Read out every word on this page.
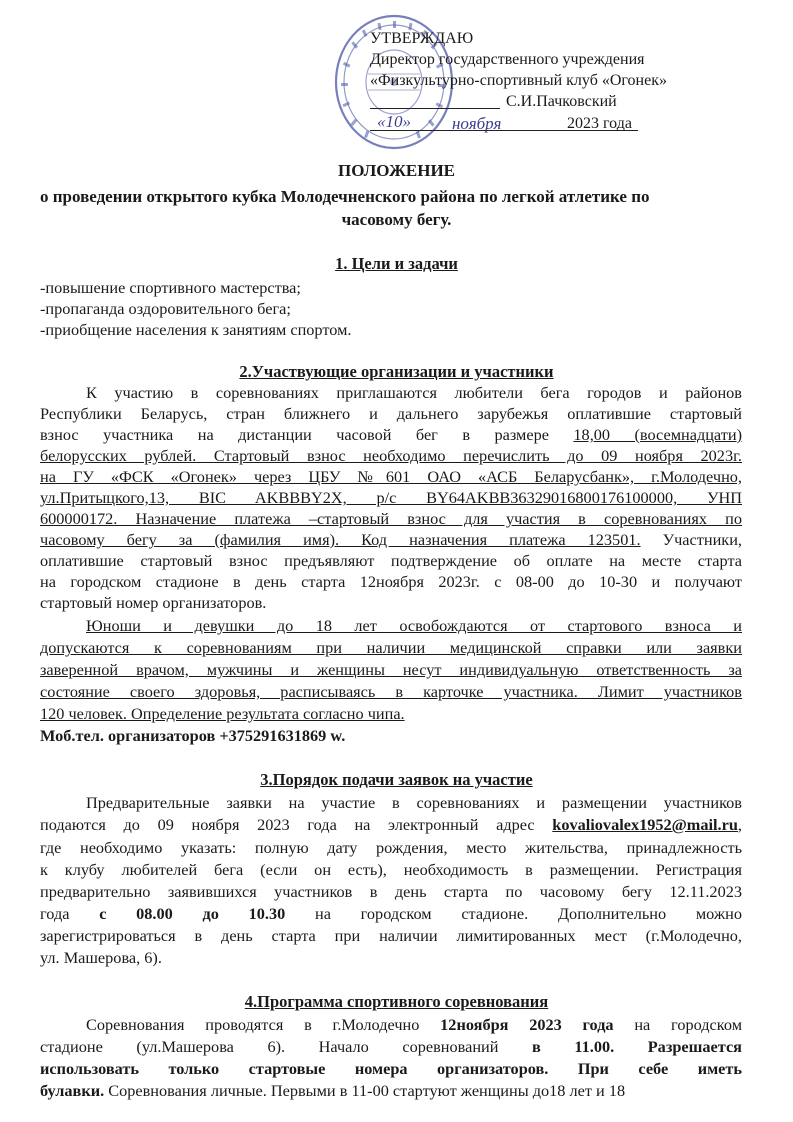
УТВЕРЖДАЮ
Директор государственного учреждения
«Физкультурно-спортивный клуб «Огонек»
С.И.Пачковский
«10» ноября	2023 года
ПОЛОЖЕНИЕ
о проведении открытого кубка Молодечненского района по легкой атлетике по
часовому бегу.
1. Цели и задачи
-повышение спортивного мастерства;
-пропаганда оздоровительного бега;
-приобщение населения к занятиям спортом.
2.Участвующие организации и участники
К участию в соревнованиях приглашаются любители бега городов и районов
Республики Беларусь, стран ближнего и дальнего зарубежья оплатившие стартовый
взнос участника на дистанции часовой бег в размере 18,00 (восемнадцати)
белорусских рублей. Стартовый взнос необходимо перечислить до 09 ноября 2023г.
на ГУ «ФСК «Огонек» через ЦБУ №601 ОАО «АСБ Беларусбанк», г.Молодечно,
ул.Притыцкого,13, BIC AKBBBY2X, р/с BY64AKBB36329016800176100000, УНП
600000172. Назначение платежа –стартовый взнос для участия в соревнованиях по
часовому бегу за (фамилия имя). Код назначения платежа 123501. Участники,
оплатившие стартовый взнос предъявляют подтверждение об оплате на месте старта
на городском стадионе в день старта 12ноября 2023г. с 08-00 до 10-30 и получают
стартовый номер организаторов.
Юноши и девушки до 18 лет освобождаются от стартового взноса и
допускаются к соревнованиям при наличии медицинской справки или заявки
заверенной врачом, мужчины и женщины несут индивидуальную ответственность за
состояние своего здоровья, расписываясь в карточке участника. Лимит участников
120 человек. Определение результата согласно чипа.
Моб.тел. организаторов +375291631869 w.
3.Порядок подачи заявок на участие
Предварительные заявки на участие в соревнованиях и размещении участников
подаются до 09 ноября 2023 года на электронный адрес kovaliovalex1952@mail.ru,
где необходимо указать: полную дату рождения, место жительства, принадлежность
к клубу любителей бега (если он есть), необходимость в размещении. Регистрация
предварительно заявившихся участников в день старта по часовому бегу 12.11.2023
года с 08.00 до 10.30 на городском стадионе. Дополнительно можно
зарегистрироваться в день старта при наличии лимитированных мест (г.Молодечно,
ул. Машерова, 6).
4.Программа спортивного соревнования
Соревнования проводятся в г.Молодечно 12ноября 2023 года на городском
стадионе (ул.Машерова 6). Начало соревнований в 11.00. Разрешается
использовать только стартовые номера организаторов. При себе иметь
булавки. Соревнования личные. Первыми в 11-00 стартуют женщины до18 лет и 18
